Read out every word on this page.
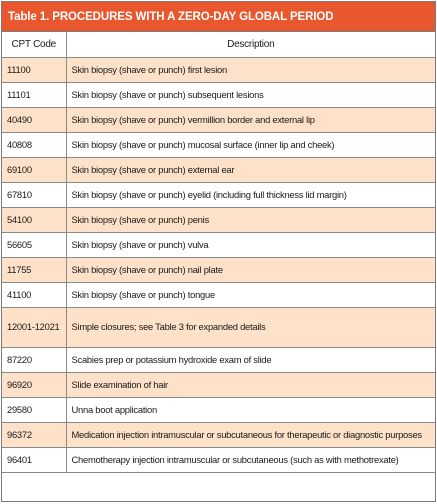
Table 1. PROCEDURES WITH A ZERO-DAY GLOBAL PERIOD
CPT Code	Description
11100	Skin biopsy (shave or punch) first lesion
11101	Skin biopsy (shave or punch) subsequent lesions
40490	Skin biopsy (shave or punch) vermillion border and external lip
40808	Skin biopsy (shave or punch) mucosal surface (inner lip and cheek)
69100	Skin biopsy (shave or punch) external ear
67810	Skin biopsy (shave or punch) eyelid (including full thickness lid margin)
54100	Skin biopsy (shave or punch) penis
56605	Skin biopsy (shave or punch) vulva
11755	Skin biopsy (shave or punch) nail plate
41100	Skin biopsy (shave or punch) tongue
12001-12021	Simple closures; see Table 3 for expanded details
87220	Scabies prep or potassium hydroxide exam of slide
96920	Slide examination of hair
29580	Unna boot application
96372	Medication injection intramuscular or subcutaneous for therapeutic or diagnostic purposes
96401	Chemotherapy injection intramuscular or subcutaneous (such as with methotrexate)
